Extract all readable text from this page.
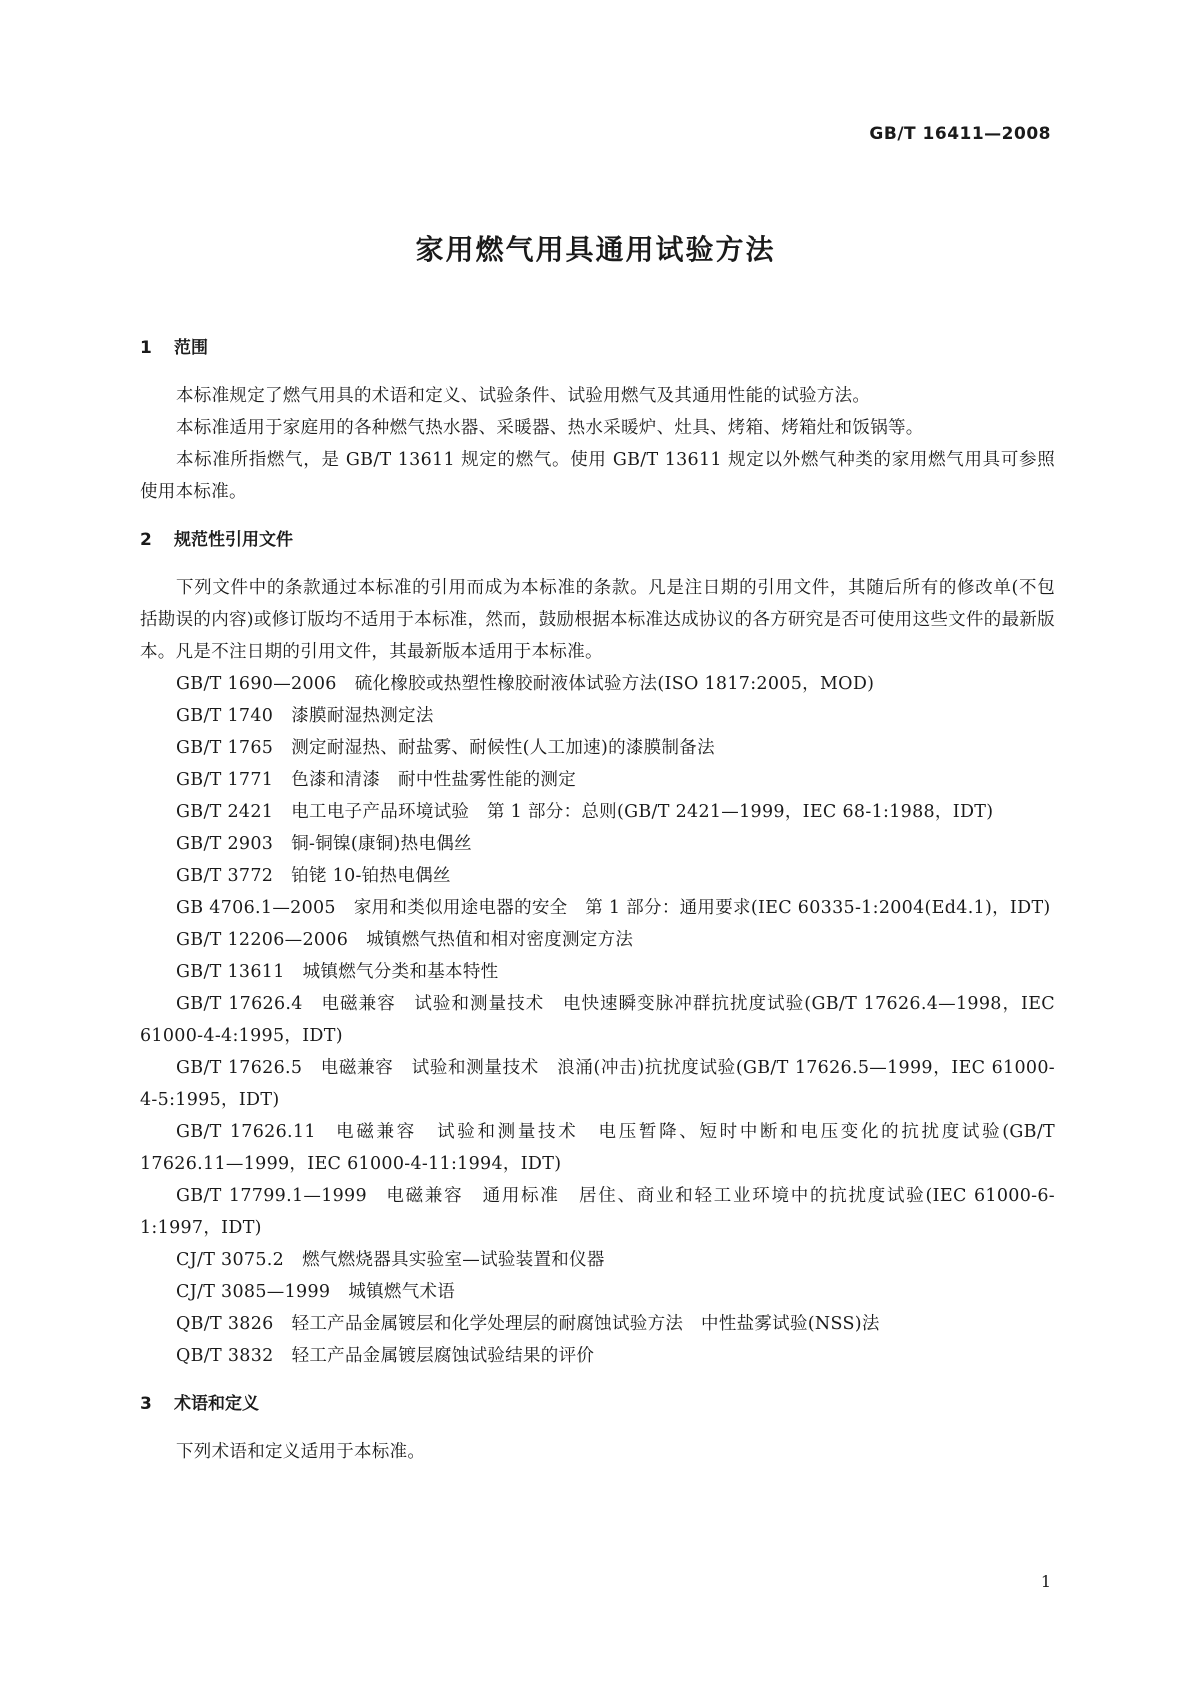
GB/T 16411—2008
家用燃气用具通用试验方法
1 范围

本标准规定了燃气用具的术语和定义、试验条件、试验用燃气及其通用性能的试验方法。

本标准适用于家庭用的各种燃气热水器、采暖器、热水采暖炉、灶具、烤箱、烤箱灶和饭锅等。

本标准所指燃气，是 GB/T 13611 规定的燃气。使用 GB/T 13611 规定以外燃气种类的家用燃气用具可参照使用本标准。

2 规范性引用文件

下列文件中的条款通过本标准的引用而成为本标准的条款。凡是注日期的引用文件，其随后所有的修改单(不包括勘误的内容)或修订版均不适用于本标准，然而，鼓励根据本标准达成协议的各方研究是否可使用这些文件的最新版本。凡是不注日期的引用文件，其最新版本适用于本标准。

GB/T 1690—2006 硫化橡胶或热塑性橡胶耐液体试验方法(ISO 1817:2005，MOD)
GB/T 1740 漆膜耐湿热测定法
GB/T 1765 测定耐湿热、耐盐雾、耐候性(人工加速)的漆膜制备法
GB/T 1771 色漆和清漆　耐中性盐雾性能的测定
GB/T 2421 电工电子产品环境试验　第 1 部分：总则(GB/T 2421—1999，IEC 68-1:1988，IDT)
GB/T 2903 铜-铜镍(康铜)热电偶丝
GB/T 3772 铂铑 10-铂热电偶丝
GB 4706.1—2005 家用和类似用途电器的安全　第 1 部分：通用要求(IEC 60335-1:2004(Ed4.1)，IDT)
GB/T 12206—2006 城镇燃气热值和相对密度测定方法
GB/T 13611 城镇燃气分类和基本特性
GB/T 17626.4 电磁兼容　试验和测量技术　电快速瞬变脉冲群抗扰度试验(GB/T 17626.4—1998，IEC 61000-4-4:1995，IDT)
GB/T 17626.5 电磁兼容　试验和测量技术　浪涌(冲击)抗扰度试验(GB/T 17626.5—1999，IEC 61000-4-5:1995，IDT)
GB/T 17626.11 电磁兼容　试验和测量技术　电压暂降、短时中断和电压变化的抗扰度试验(GB/T 17626.11—1999，IEC 61000-4-11:1994，IDT)
GB/T 17799.1—1999 电磁兼容　通用标准　居住、商业和轻工业环境中的抗扰度试验(IEC 61000-6-1:1997，IDT)
CJ/T 3075.2 燃气燃烧器具实验室—试验装置和仪器
CJ/T 3085—1999 城镇燃气术语
QB/T 3826 轻工产品金属镀层和化学处理层的耐腐蚀试验方法　中性盐雾试验(NSS)法
QB/T 3832 轻工产品金属镀层腐蚀试验结果的评价
3 术语和定义

下列术语和定义适用于本标准。

1
